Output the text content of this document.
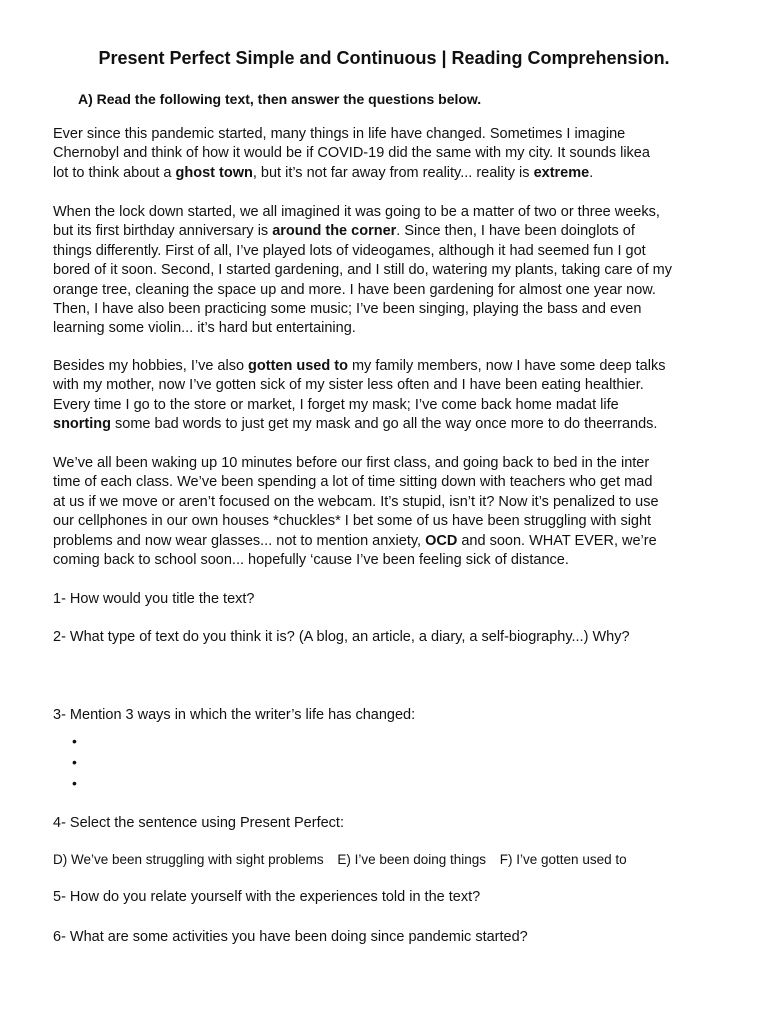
Present Perfect Simple and Continuous | Reading Comprehension.
A) Read the following text, then answer the questions below.
Ever since this pandemic started, many things in life have changed. Sometimes I imagine
Chernobyl and think of how it would be if COVID-19 did the same with my city. It sounds likea
lot to think about a ghost town, but it’s not far away from reality... reality is extreme.
When the lock down started, we all imagined it was going to be a matter of two or three weeks,
but its first birthday anniversary is around the corner. Since then, I have been doinglots of
things differently. First of all, I’ve played lots of videogames, although it had seemed fun I got
bored of it soon. Second, I started gardening, and I still do, watering my plants, taking care of my
orange tree, cleaning the space up and more. I have been gardening for almost one year now.
Then, I have also been practicing some music; I’ve been singing, playing the bass and even
learning some violin... it’s hard but entertaining.
Besides my hobbies, I’ve also gotten used to my family members, now I have some deep talks
with my mother, now I’ve gotten sick of my sister less often and I have been eating healthier.
Every time I go to the store or market, I forget my mask; I’ve come back home madat life
snorting some bad words to just get my mask and go all the way once more to do theerrands.
We’ve all been waking up 10 minutes before our first class, and going back to bed in the inter
time of each class. We’ve been spending a lot of time sitting down with teachers who get mad
at us if we move or aren’t focused on the webcam. It’s stupid, isn’t it? Now it’s penalized to use
our cellphones in our own houses *chuckles* I bet some of us have been struggling with sight
problems and now wear glasses... not to mention anxiety, OCD and soon. WHAT EVER, we’re
coming back to school soon... hopefully ‘cause I’ve been feeling sick of distance.
1- How would you title the text?
2- What type of text do you think it is? (A blog, an article, a diary, a self-biography...) Why?
3- Mention 3 ways in which the writer’s life has changed:
•
•
•
4- Select the sentence using Present Perfect:
D) We’ve been struggling with sight problems E) I’ve been doing things F) I’ve gotten used to
5- How do you relate yourself with the experiences told in the text?
6- What are some activities you have been doing since pandemic started?
